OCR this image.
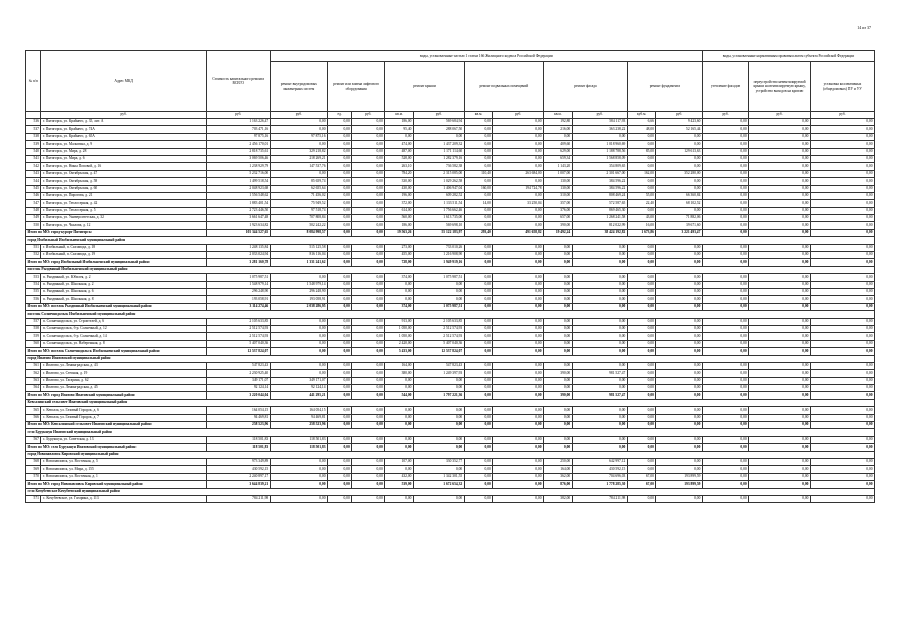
14 из 37
№ п/п	Адрес МКД	Стоимость капитального ремонта ВСЕГО	виды, установленные частью 1 статьи 166 Жилищного кодекса Российской Федерации											виды, установленные нормативным правовым актом субъекта Российской Федерации		
			ремонт внутридомовых инженерных систем	ремонт или замена лифтового оборудования		ремонт крыши		ремонт подвальных помещений		ремонт фасада		ремонт фундамента		утепление фасадов	переустройство невентилируемой крыши на вентилируемую крышу, устройство выходов на кровлю	установка коллективных (общедомовых) ПУ и УУ
	руб.	руб.	руб.	ед.	руб.	кв.м.	руб.	кв.м.	руб.	кв.м.	руб.	куб.м.	руб.	руб.	руб.	руб.
536	г. Пятигорск, ул. Крайнего, д. 35, лит. А	1 163 226,47	0,00	0,00	0,00	186,00	569 684,94	0,00	0,00	192,80	584 117,93	6,66	9 423,60	0,00	0,00	0,00
537	г. Пятигорск, ул. Крайнего, д. 74А	703 471,16	0,00	0,00	0,00	95,40	288 067,50	0,00	0,00	216,00	363 238,22	48,00	52 165,44	0,00	0,00	0,00
538	г. Пятигорск, ул. Крайнего, д. 65А	97 875,16	97 875,16	0,00	0,00	0,00	0,00	0,00	0,00	0,00	0,00	0,00	0,00	0,00	0,00	0,00
539	г. Пятигорск, ул. Малыгина, д. 9	2 456 170,01	0,00	0,00	0,00	474,00	1 437 209,32	0,00	0,00	409,60	1 018 960,69	0,00	0,00	0,00	0,00	0,00
540	г. Пятигорск, ул. Мира, д. 28	2 818 735,61	329 218,82	0,00	0,00	487,00	1 171 114,60	0,00	0,00	629,00	1 188 788,56	85,00	129 613,63	0,00	0,00	0,00
541	г. Пятигорск, ул. Мира, д. 6	3 069 506,46	218 269,21	0,00	0,00	528,00	1 282 379,16	0,00	0,00	659,34	1 568 858,09	0,00	0,00	0,00	0,00	0,00
542	г. Пятигорск, ул. Нины Поповой, д. 16	1 238 929,79	147 537,76	0,00	0,00	263,10	736 582,38	0,00	0,00	1 143,20	354 809,65	0,00	0,00	0,00	0,00	0,00
543	г. Пятигорск, ул. Октябрьская, д. 47	5 232 716,00	0,00	0,00	0,00	784,20	2 315 085,00	110,40	263 684,00	1 007,00	2 301 667,00	162,00	352 280,00	0,00	0,00	0,00
544	г. Пятигорск, ул. Октябрьская, д. 58	1 499 518,54	85 659,74	0,00	0,00	330,00	1 029 262,58	0,00	0,00	130,00	384 596,22	0,00	0,00	0,00	0,00	0,00
545	г. Пятигорск, ул. Октябрьская, д. 60	2 048 923,68	62 655,64	0,00	0,00	430,00	1 406 947,04	160,00	194 724,78	130,00	384 596,22	0,00	0,00	0,00	0,00	0,00
546	г. Пятигорск, ул. Пирогова, д. 21	1 556 548,62	71 456,02	0,00	0,00	196,00	609 282,52	0,00	0,00	310,00	808 469,24	55,00	66 360,84	0,00	0,00	0,00
547	г. Пятигорск, ул. Теплосерная, д. 42	1 883 401,54	75 949,52	0,00	0,00	372,00	1 133 511,54	14,00	33 250,04	357,00	572 587,65	22,40	68 102,52	0,00	0,00	0,00
548	г. Пятигорск, ул. Теплосерная, д. 5	2 723 446,50	97 518,74	0,00	0,00	614,00	1 756 662,46	0,00	0,00	376,00	869 465,30	0,00	0,00	0,00	0,00	0,00
549	г. Пятигорск, ул. Университетская, д. 32	3 661 647,48	707 808,84	0,00	0,00	560,00	1 613 735,00	0,00	0,00	657,00	1 268 241,58	43,00	71 882,06	0,00	0,00	0,00
550	г. Пятигорск, ул. Чкалова, д. 12	1 923 634,82	502 242,22	0,00	0,00	186,00	569 698,10	0,00	0,00	390,00	812 022,99	16,00	39 671,60	0,00	0,00	0,00
Итого по МО: город-курорт Пятигорск:		105 344 527,65	8 084 998,57	0,00	0,00	19 563,26	55 122 183,97	293,40	491 658,82	19 492,24	38 424 192,82	1 673,86	3 221 493,47	0,00	0,00	0,00
город Изобильный Изобильненский муниципальный район																
551	г. Изобильный, п. Сахзавода, д. 18	1 248 135,84	515 125,58	0,00	0,00	273,00	733 010,26	0,00	0,00	0,00	0,00	0,00	0,00	0,00	0,00	0,00
552	г. Изобильный, п. Сахзавода, д. 19	2 033 024,94	816 116,04	0,00	0,00	455,00	1 216 908,90	0,00	0,00	0,00	0,00	0,00	0,00	0,00	0,00	0,00
Итого по МО: город Изобильный Изобильненский муниципальный район:		3 281 160,78	1 331 241,62	0,00	0,00	728,00	1 949 919,16	0,00	0,00	0,00	0,00	0,00	0,00	0,00	0,00	0,00
поселок Рыздвяный Изобильненский муниципальный район																
553	п. Рыздвяный, ул. Юбилея, д. 2	1 075 987,51	0,00	0,00	0,00	374,00	1 075 987,51	0,00	0,00	0,00	0,00	0,00	0,00	0,00	0,00	0,00
554	п. Рыздвяный, ул. Школьная, д. 2	1 548 979,14	1 548 979,14	0,00	0,00	0,00	0,00	0,00	0,00	0,00	0,00	0,00	0,00	0,00	0,00	0,00
555	п. Рыздвяный, ул. Школьная, д. 6	296 248,90	296 248,90	0,00	0,00	0,00	0,00	0,00	0,00	0,00	0,00	0,00	0,00	0,00	0,00	0,00
556	п. Рыздвяный, ул. Школьная, д. 8	193 058,91	193 058,91	0,00	0,00	0,00	0,00	0,00	0,00	0,00	0,00	0,00	0,00	0,00	0,00	0,00
Итого по МО: поселок Рыздвяный Изобильненский муниципальный район:		3 114 274,46	2 038 286,95	0,00	0,00	374,00	1 075 987,51	0,00	0,00	0,00	0,00	0,00	0,00	0,00	0,00	0,00
поселок Солнечнодольск Изобильненский муниципальный район																
557	п. Солнечнодольск, ул. Строителей, д. 6	2 105 633,85	0,00	0,00	0,00	913,00	2 105 633,85	0,00	0,00	0,00	0,00	0,00	0,00	0,00	0,00	0,00
558	п. Солнечнодольск, б-р. Солнечный, д. 12	2 512 574,93	0,00	0,00	0,00	1 050,00	2 512 574,93	0,00	0,00	0,00	0,00	0,00	0,00	0,00	0,00	0,00
559	п. Солнечнодольск, б-р. Солнечный, д. 14	2 512 574,93	0,00	0,00	0,00	1 050,00	2 512 574,93	0,00	0,00	0,00	0,00	0,00	0,00	0,00	0,00	0,00
560	п. Солнечнодольск, ул. Набережная, д. 8	5 407 040,36	0,00	0,00	0,00	2 420,00	5 407 040,36	0,00	0,00	0,00	0,00	0,00	0,00	0,00	0,00	0,00
Итого по МО: поселок Солнечнодольск Изобильненский муниципальный район:		12 537 824,07	0,00	0,00	0,00	5 433,00	12 537 824,07	0,00	0,00	0,00	0,00	0,00	0,00	0,00	0,00	0,00
город Ипатово Ипатовский муниципальный район																
561	г. Ипатово, ул. Ленинградская, д. 43	547 823,43	0,00	0,00	0,00	164,00	547 823,43	0,00	0,00	0,00	0,00	0,00	0,00	0,00	0,00	0,00
562	г. Ипатово, ул. Степная, д. 19	2 230 925,40	0,00	0,00	0,00	380,00	1 249 397,93	0,00	0,00	390,00	981 527,47	0,00	0,00	0,00	0,00	0,00
563	г. Ипатово, ул. Гагарина, д. 62	349 171,07	349 171,07	0,00	0,00	0,00	0,00	0,00	0,00	0,00	0,00	0,00	0,00	0,00	0,00	0,00
564	г. Ипатово, ул. Ленинградская, д. 45	92 124,14	92 124,14	0,00	0,00	0,00	0,00	0,00	0,00	0,00	0,00	0,00	0,00	0,00	0,00	0,00
Итого по МО: город Ипатово Ипатовский муниципальный район:		3 220 044,04	441 295,21	0,00	0,00	544,00	1 797 221,36	0,00	0,00	390,00	981 527,47	0,00	0,00	0,00	0,00	0,00
Кевсалинский сельсовет Ипатовский муниципальный район																
565	с. Кевсала, ул. Газовый Городок, д. 6	164 054,15	164 054,15	0,00	0,00	0,00	0,00	0,00	0,00	0,00	0,00	0,00	0,00	0,00	0,00	0,00
566	с. Кевсала, ул. Газовый Городок, д. 7	94 469,81	94 469,81	0,00	0,00	0,00	0,00	0,00	0,00	0,00	0,00	0,00	0,00	0,00	0,00	0,00
Итого по МО: Кевсалинский сельсовет Ипатовский муниципальный район:		258 523,96	258 523,96	0,00	0,00	0,00	0,00	0,00	0,00	0,00	0,00	0,00	0,00	0,00	0,00	0,00
село Бурукшун Ипатовский муниципальный район																
567	с. Бурукшун, ул. Советская, д. 13	118 501,83	118 501,83	0,00	0,00	0,00	0,00	0,00	0,00	0,00	0,00	0,00	0,00	0,00	0,00	0,00
Итого по МО: село Бурукшун Ипатовский муниципальный район:		118 501,83	118 501,83	0,00	0,00	0,00	0,00	0,00	0,00	0,00	0,00	0,00	0,00	0,00	0,00	0,00
город Новопавловск Кировский муниципальный район																
568	г. Новопавловск, ул. Восточная, д. 5	973 349,89	0,00	0,00	0,00	107,00	330 352,77	0,00	0,00	250,00	642 997,12	0,00	0,00	0,00	0,00	0,00
569	г. Новопавловск, ул. Мира, д. 155	430 592,15	0,00	0,00	0,00	0,00	0,00	0,00	0,00	164,00	430 592,15	0,00	0,00	0,00	0,00	0,00
570	г. Новопавловск, ул. Восточная, д. 1	2 240 897,17	0,00	0,00	0,00	432,00	1 342 301,55	0,00	0,00	362,00	704 696,03	67,00	193 899,59	0,00	0,00	0,00
Итого по МО: город Новопавловск Кировский муниципальный район:		3 644 839,21	0,00	0,00	0,00	539,00	1 672 654,32	0,00	0,00	876,00	1 778 285,30	67,00	193 899,59	0,00	0,00	0,00
село Кочубеевское Кочубеевский муниципальный район																
571	с. Кочубеевское, ул. Гагарина, д. 113	784 211,98	0,00	0,00	0,00	0,00	0,00	0,00	0,00	382,00	784 211,98	0,00	0,00	0,00	0,00	0,00
